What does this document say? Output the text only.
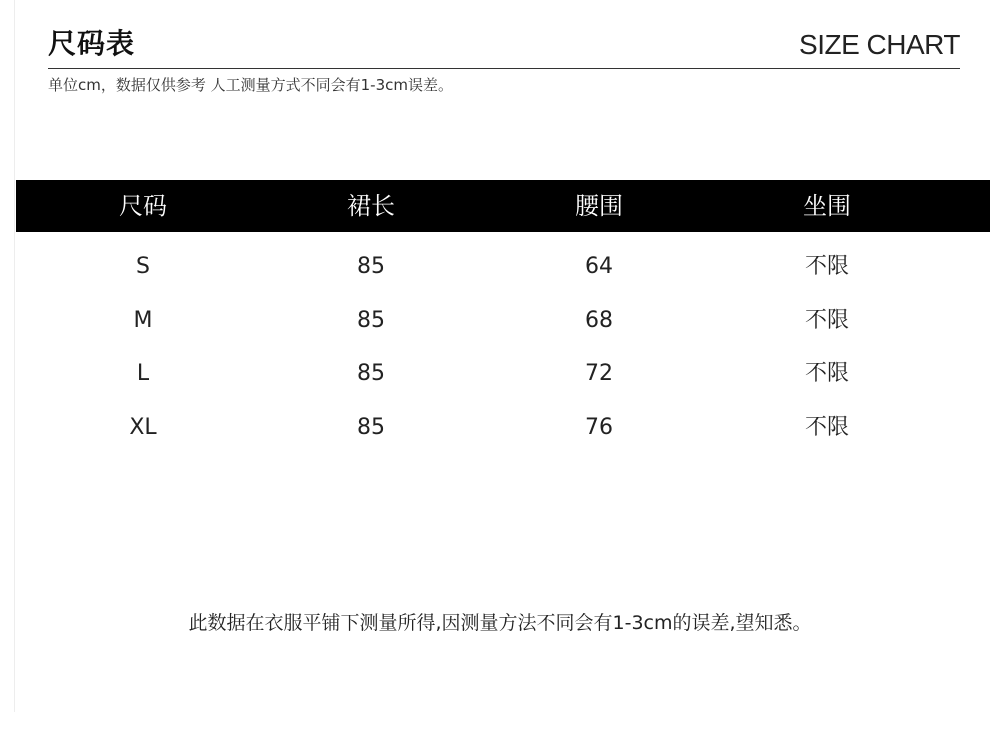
尺码表	SIZE CHART
单位cm，数据仅供参考 人工测量方式不同会有1-3cm误差。
尺码	裙长	腰围	坐围
S	85	64	不限
M	85	68	不限
L	85	72	不限
XL	85	76	不限
此数据在衣服平铺下测量所得,因测量方法不同会有1-3cm的误差,望知悉。
